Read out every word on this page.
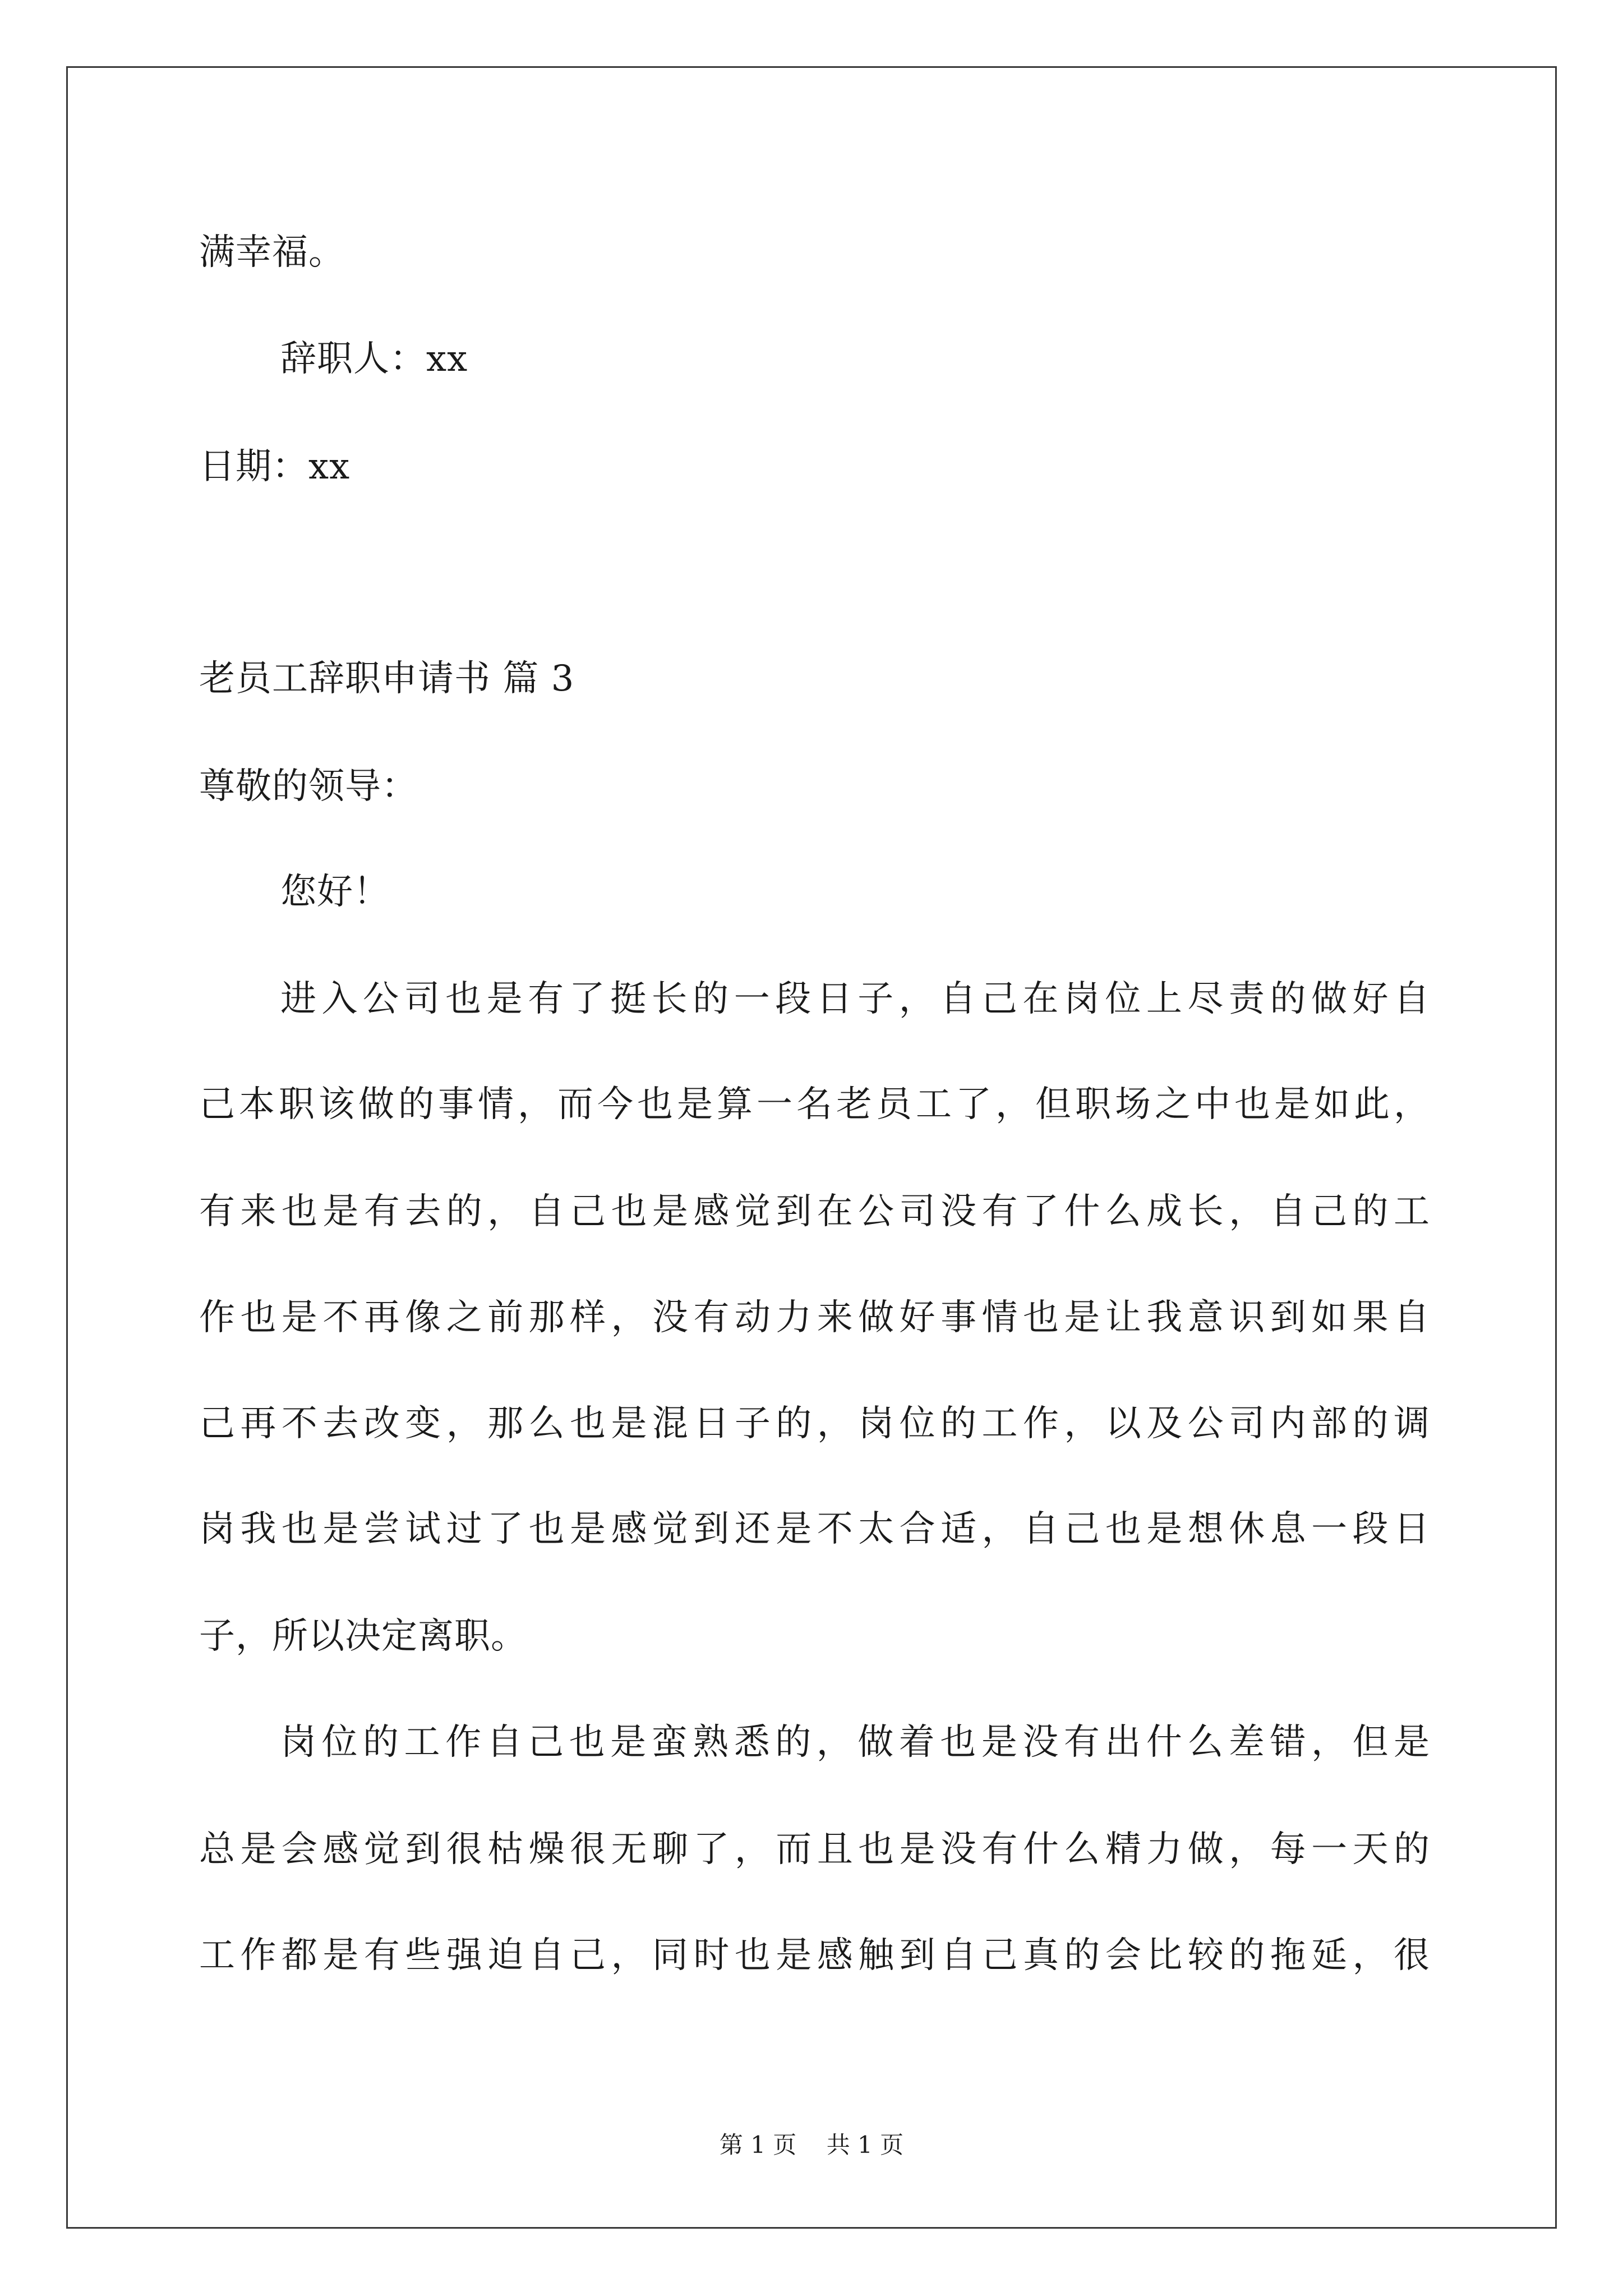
满幸福。
辞职人：xx
日期：xx
老员工辞职申请书 篇 3
尊敬的领导：
您好！
进入公司也是有了挺长的一段日子，自己在岗位上尽责的做好自
己本职该做的事情，而今也是算一名老员工了，但职场之中也是如此，
有来也是有去的，自己也是感觉到在公司没有了什么成长，自己的工
作也是不再像之前那样，没有动力来做好事情也是让我意识到如果自
己再不去改变，那么也是混日子的，岗位的工作，以及公司内部的调
岗我也是尝试过了也是感觉到还是不太合适，自己也是想休息一段日
子，所以决定离职。
岗位的工作自己也是蛮熟悉的，做着也是没有出什么差错，但是
总是会感觉到很枯燥很无聊了，而且也是没有什么精力做，每一天的
工作都是有些强迫自己，同时也是感触到自己真的会比较的拖延，很
第 1 页    共 1 页
